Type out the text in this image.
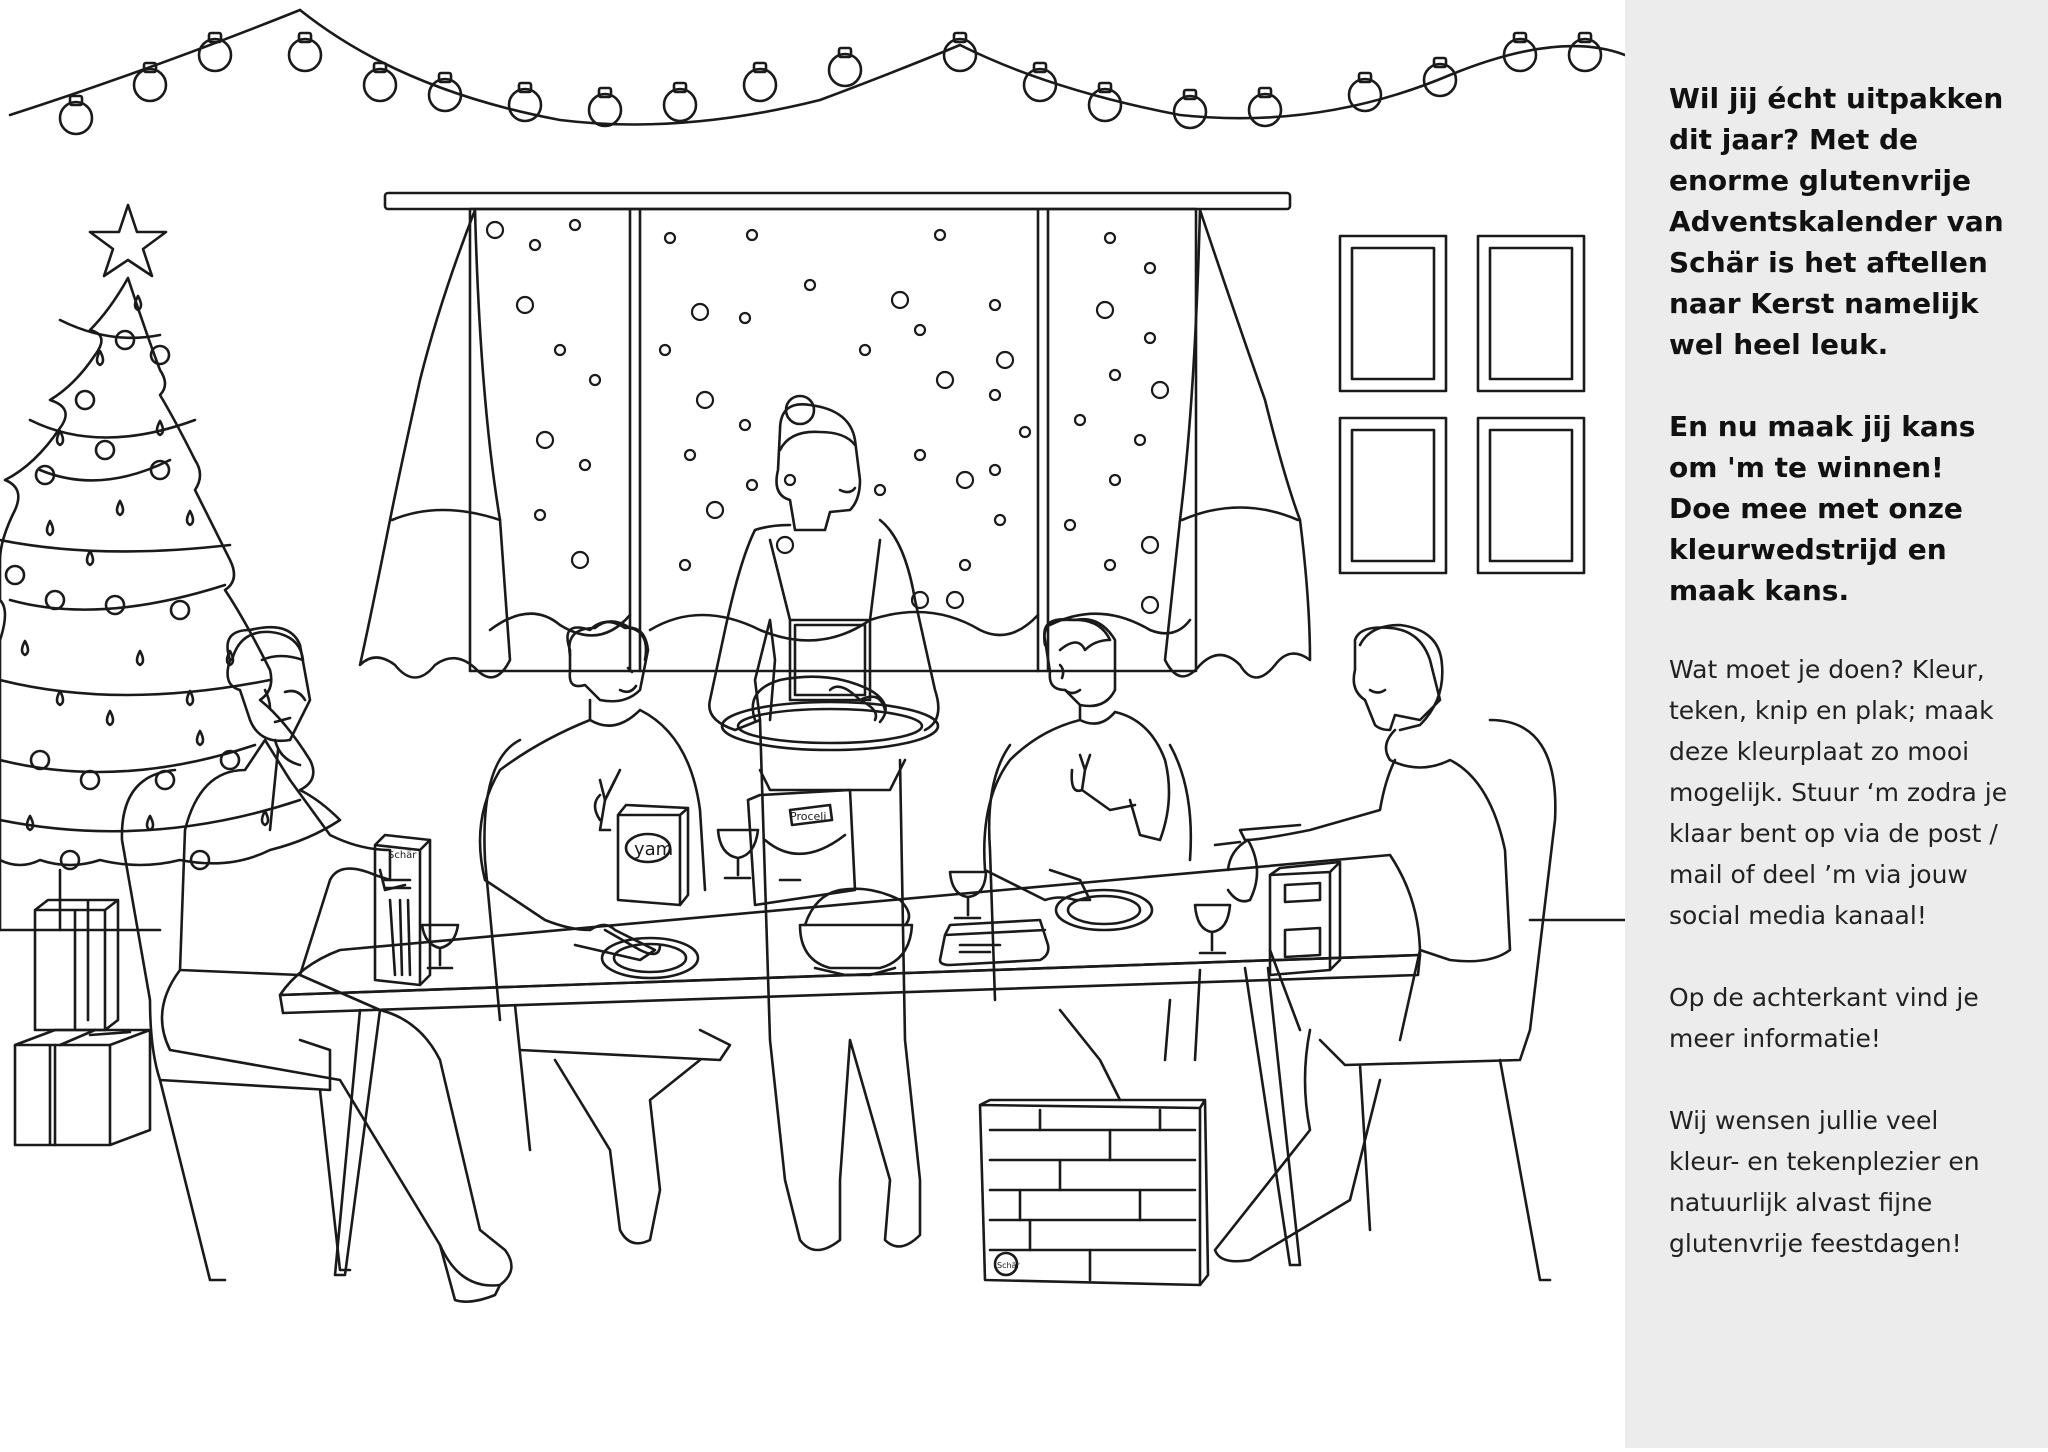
Schär	yam
Proceli
Schär

Wil jij écht uitpakken dit jaar? Met de enorme glutenvrije Adventskalender van Schär is het aftellen naar Kerst namelijk wel heel leuk.

En nu maak jij kans om 'm te winnen! Doe mee met onze kleurwedstrijd en maak kans.

Wat moet je doen? Kleur, teken, knip en plak; maak deze kleurplaat zo mooi mogelijk. Stuur ‘m zodra je klaar bent op via de post / mail of deel ’m via jouw social media kanaal!

Op de achterkant vind je meer informatie!

Wij wensen jullie veel kleur- en tekenplezier en natuurlijk alvast fijne glutenvrije feestdagen!
